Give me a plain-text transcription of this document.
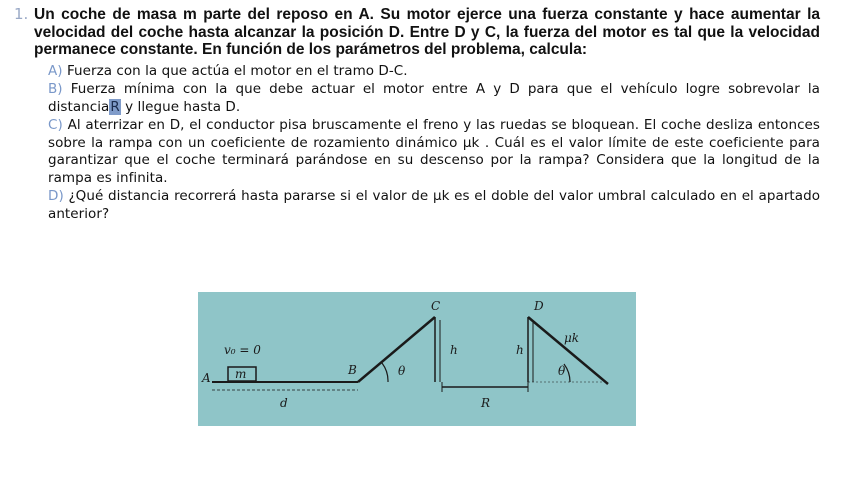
1. Un coche de masa m parte del reposo en A. Su motor ejerce una fuerza constante y hace aumentar la velocidad del coche hasta alcanzar la posición D. Entre D y C, la fuerza del motor es tal que la velocidad permanece constante. En función de los parámetros del problema, calcula:

A) Fuerza con la que actúa el motor en el tramo D-C.

B) Fuerza mínima con la que debe actuar el motor entre A y D para que el vehículo logre sobrevolar la distanciaR y llegue hasta D.

C) Al aterrizar en D, el conductor pisa bruscamente el freno y las ruedas se bloquean. El coche desliza entonces sobre la rampa con un coeficiente de rozamiento dinámico μk . Cuál es el valor límite de este coeficiente para garantizar que el coche terminará parándose en su descenso por la rampa? Considera que la longitud de la rampa es infinita.

D) ¿Qué distancia recorrerá hasta pararse si el valor de μk es el doble del valor umbral calculado en el apartado anterior?

v₀ = 0
m
A
B
C	D
θ	θ
h	h
d	R
μk
